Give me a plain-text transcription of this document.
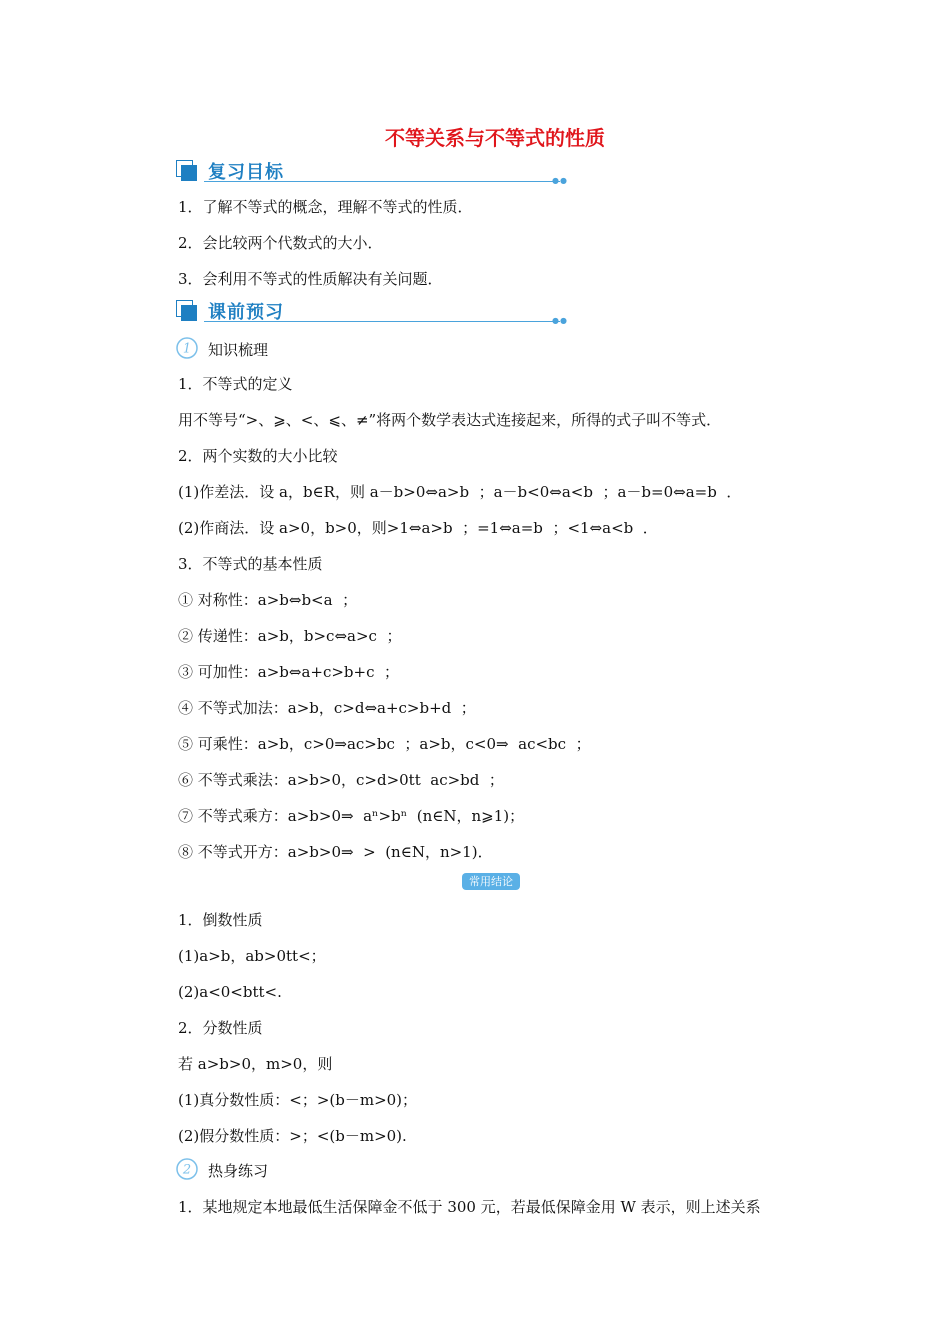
不等关系与不等式的性质
复习目标	●●
1．了解不等式的概念，理解不等式的性质．
2．会比较两个代数式的大小．
3．会利用不等式的性质解决有关问题．
课前预习	●●
1 知识梳理
1．不等式的定义
用不等号“>、⩾、<、⩽、≠”将两个数学表达式连接起来，所得的式子叫不等式．
2．两个实数的大小比较
(1)作差法．设 a，b∈R，则 a－b>0⇔a>b  ；a－b<0⇔a<b  ；a－b=0⇔a=b  ．
(2)作商法．设 a>0，b>0，则>1⇔a>b  ；=1⇔a=b  ；<1⇔a<b  ．
3．不等式的基本性质
① 对称性：a>b⇔b<a  ；
② 传递性：a>b，b>c⇔a>c  ；
③ 可加性：a>b⇔a+c>b+c  ；
④ 不等式加法：a>b，c>d⇔a+c>b+d  ；
⑤ 可乘性：a>b，c>0⇒ac>bc  ；a>b，c<0⇒  ac<bc  ；
⑥ 不等式乘法：a>b>0，c>d>0tt  ac>bd  ；
⑦ 不等式乘方：a>b>0⇒  aⁿ>bⁿ  (n∈N，n⩾1)；
⑧ 不等式开方：a>b>0⇒  >  (n∈N，n>1)．
常用结论
1．倒数性质
(1)a>b，ab>0tt<；
(2)a<0<btt<.
2．分数性质
若 a>b>0，m>0，则
(1)真分数性质：<；>(b－m>0)；
(2)假分数性质：>；<(b－m>0).
2 热身练习
1．某地规定本地最低生活保障金不低于 300 元，若最低保障金用 W 表示，则上述关系
